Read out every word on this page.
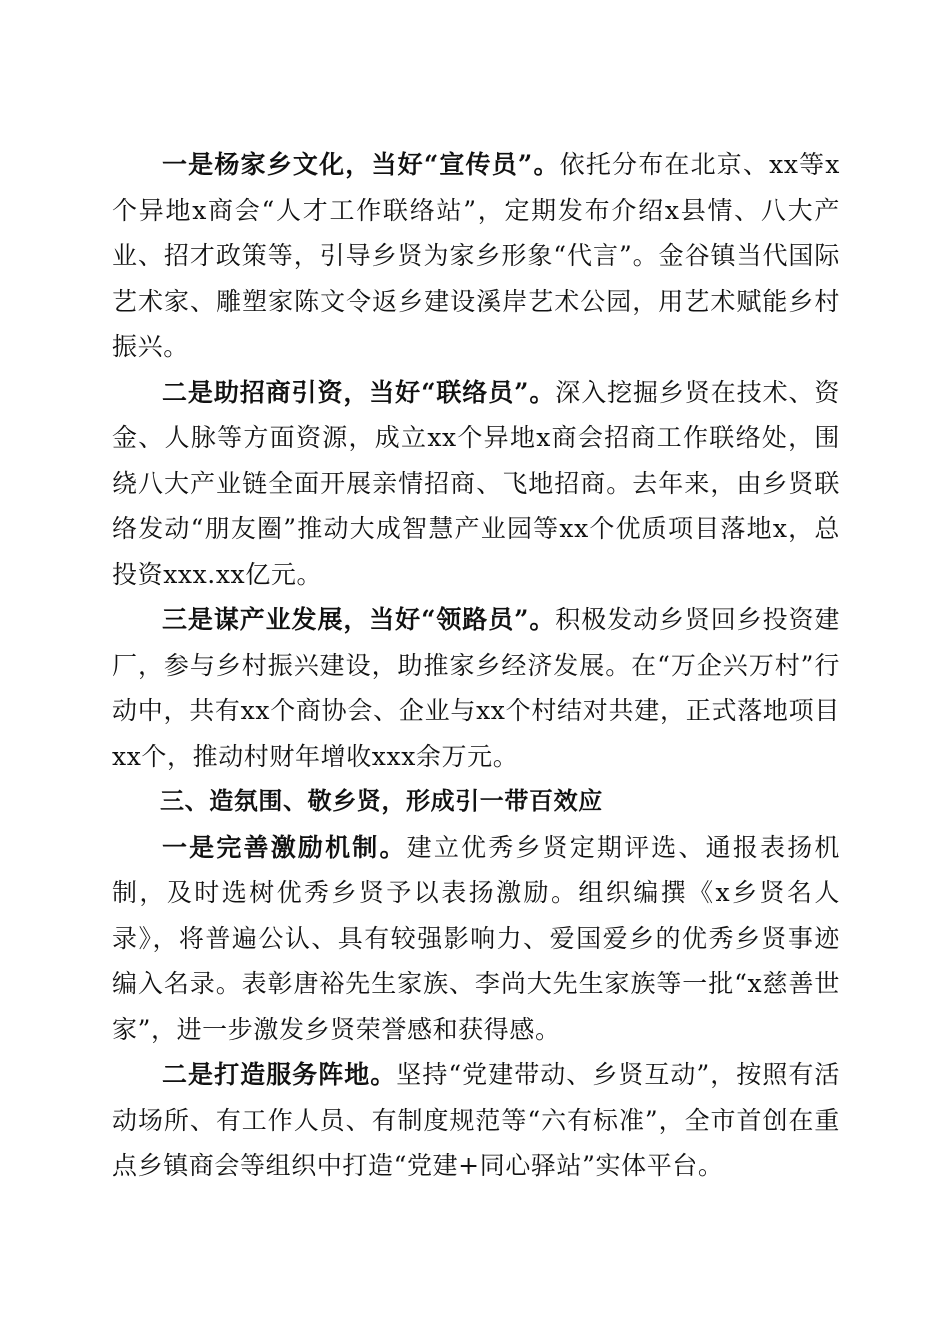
一是杨家乡文化，当好“宣传员”。依托分布在北京、xx等x个异地x商会“人才工作联络站”，定期发布介绍x县情、八大产业、招才政策等，引导乡贤为家乡形象“代言”。金谷镇当代国际艺术家、雕塑家陈文令返乡建设溪岸艺术公园，用艺术赋能乡村振兴。

二是助招商引资，当好“联络员”。深入挖掘乡贤在技术、资金、人脉等方面资源，成立xx个异地x商会招商工作联络处，围绕八大产业链全面开展亲情招商、飞地招商。去年来，由乡贤联络发动“朋友圈”推动大成智慧产业园等xx个优质项目落地x，总投资xxx.xx亿元。

三是谋产业发展，当好“领路员”。积极发动乡贤回乡投资建厂，参与乡村振兴建设，助推家乡经济发展。在“万企兴万村”行动中，共有xx个商协会、企业与xx个村结对共建，正式落地项目xx个，推动村财年增收xxx余万元。

三、造氛围、敬乡贤，形成引一带百效应

一是完善激励机制。建立优秀乡贤定期评选、通报表扬机制，及时选树优秀乡贤予以表扬激励。组织编撰《x乡贤名人录》，将普遍公认、具有较强影响力、爱国爱乡的优秀乡贤事迹编入名录。表彰唐裕先生家族、李尚大先生家族等一批“x慈善世家”，进一步激发乡贤荣誉感和获得感。

二是打造服务阵地。坚持“党建带动、乡贤互动”，按照有活动场所、有工作人员、有制度规范等“六有标准”，全市首创在重点乡镇商会等组织中打造“党建+同心驿站”实体平台。
